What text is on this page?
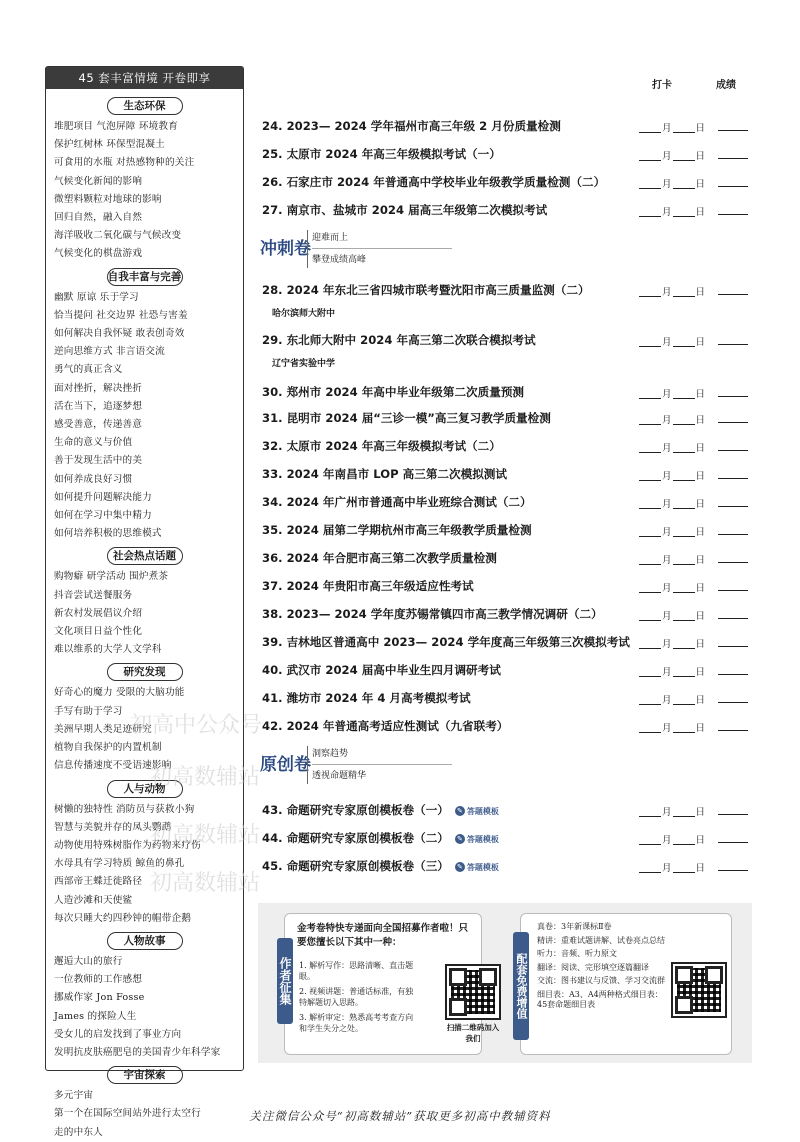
45 套丰富情境 开卷即享
生态环保
堆肥项目 气泡屏障 环境教育
保护红树林 环保型混凝土
可食用的水瓶 对热感物种的关注
气候变化新闻的影响
微塑料颗粒对地球的影响
回归自然，融入自然
海洋吸收二氧化碳与气候改变
气候变化的棋盘游戏
自我丰富与完善
幽默 原谅 乐于学习
恰当提问 社交边界 社恐与害羞
如何解决自我怀疑 敢表创奇效
逆向思维方式 非言语交流
勇气的真正含义
面对挫折，解决挫折
活在当下，追逐梦想
感受善意，传递善意
生命的意义与价值
善于发现生活中的美
如何养成良好习惯
如何提升问题解决能力
如何在学习中集中精力
如何培养积极的思维模式
社会热点话题
购物癖 研学活动 围炉煮茶
抖音尝试送餐服务
新农村发展倡议介绍
文化项目日益个性化
难以维系的大学人文学科
研究发现
好奇心的魔力 受限的大脑功能
手写有助于学习
美洲早期人类足迹研究
植物自我保护的内置机制
信息传播速度不受语速影响
人与动物
树懒的独特性 消防员与获救小狗
智慧与美貌并存的凤头鹦鹉
动物使用特殊树脂作为药物来疗伤
水母具有学习特质 鲸鱼的鼻孔
西部帝王蝶迁徙路径
人造沙滩和天使鲨
每次只睡大约四秒钟的帽带企鹅
人物故事
邂逅大山的旅行
一位教师的工作感想
挪威作家 Jon Fosse
James 的探险人生
受女儿的启发找到了事业方向
发明抗皮肤癌肥皂的美国青少年科学家
宇宙探索
多元宇宙
第一个在国际空间站外进行太空行
走的中东人
打卡	成绩
24. 2023— 2024 学年福州市高三年级 2 月份质量检测	月	日
25. 太原市 2024 年高三年级模拟考试（一）	月	日
26. 石家庄市 2024 年普通高中学校毕业年级教学质量检测（二）	月	日
27. 南京市、盐城市 2024 届高三年级第二次模拟考试	月	日
冲刺卷
迎难而上
攀登成绩高峰
28. 2024 年东北三省四城市联考暨沈阳市高三质量监测（二）	月	日
哈尔滨师大附中
29. 东北师大附中 2024 年高三第二次联合模拟考试	月	日
辽宁省实验中学
30. 郑州市 2024 年高中毕业年级第二次质量预测	月	日
31. 昆明市 2024 届“三诊一模”高三复习教学质量检测	月	日
32. 太原市 2024 年高三年级模拟考试（二）	月	日
33. 2024 年南昌市 LOP 高三第二次模拟测试	月	日
34. 2024 年广州市普通高中毕业班综合测试（二）	月	日
35. 2024 届第二学期杭州市高三年级教学质量检测	月	日
36. 2024 年合肥市高三第二次教学质量检测	月	日
37. 2024 年贵阳市高三年级适应性考试	月	日
38. 2023— 2024 学年度苏锡常镇四市高三教学情况调研（二）	月	日
39. 吉林地区普通高中 2023— 2024 学年度高三年级第三次模拟考试	月	日
40. 武汉市 2024 届高中毕业生四月调研考试	月	日
41. 潍坊市 2024 年 4 月高考模拟考试	月	日
42. 2024 年普通高考适应性测试（九省联考）	月	日
原创卷
洞察趋势
透视命题精华
43. 命题研究专家原创模板卷（一） ✎ 答题模板	月	日
44. 命题研究专家原创模板卷（二） ✎ 答题模板	月	日
45. 命题研究专家原创模板卷（三） ✎ 答题模板	月	日
作者征集
金考卷特快专递面向全国招募作者啦！只要您擅长以下其中一种：
1. 解析写作：思路清晰、直击题眼。
2. 视频讲题：普通话标准，有独特解题切入思路。
3. 解析审定：熟悉高考考查方向和学生失分之处。	扫描二维码加入我们
配套免费增值
真卷：3年新课标Ⅱ卷
精讲：重难试题讲解、试卷亮点总结
听力：音频、听力原文
翻译：阅读、完形填空逐篇翻译
交流：图书建议与反馈、学习交流群
细目表：A3、A4两种格式细目表：45套命题细目表
初高中公众号
初高数辅站
初高数辅站
初高数辅站
关注微信公众号“初高数辅站”获取更多初高中教辅资料
